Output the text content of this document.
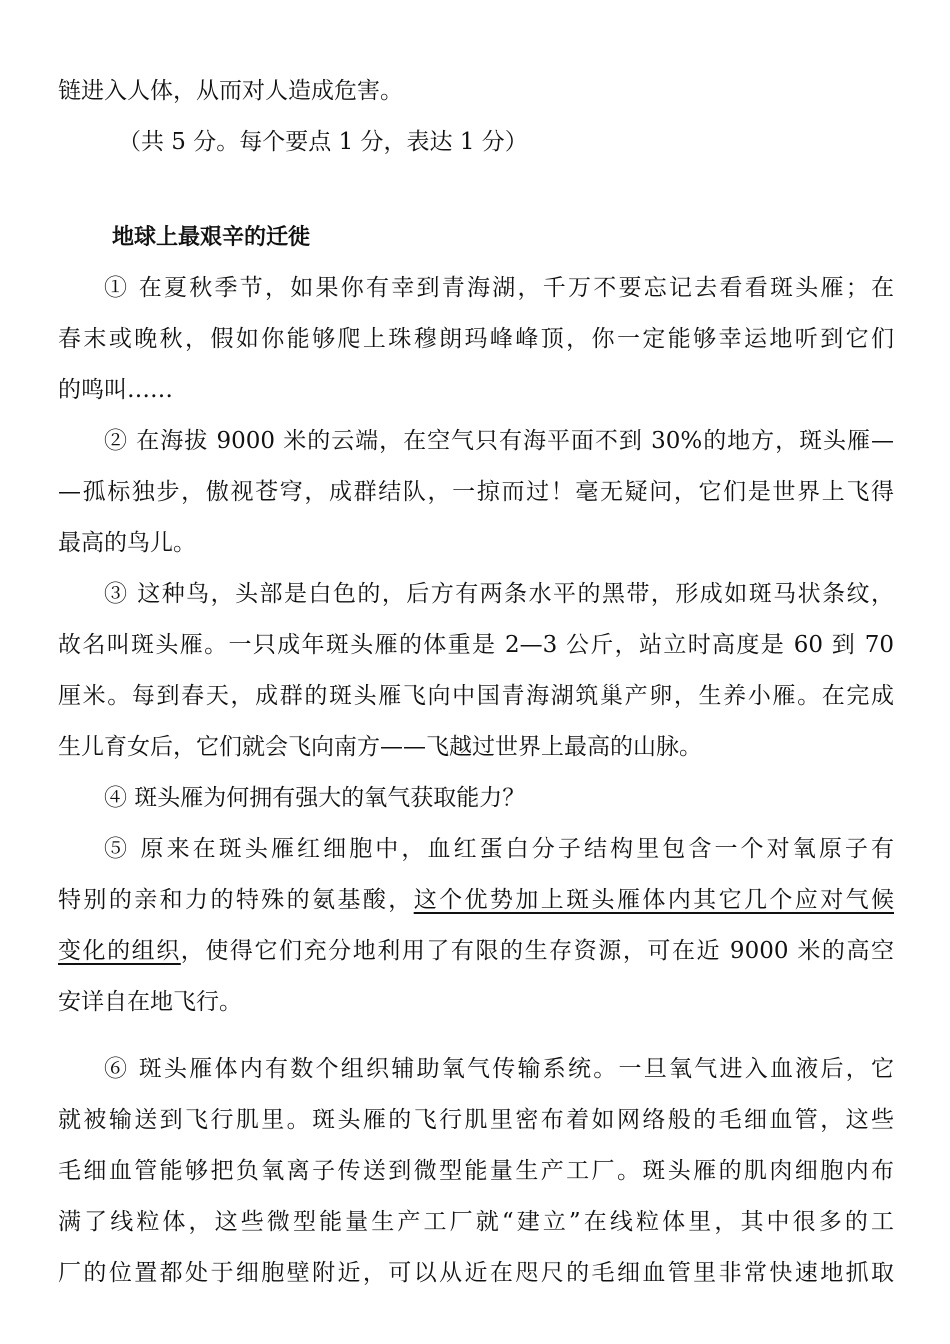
链进入人体，从而对人造成危害。

（共 5 分。每个要点 1 分，表达 1 分）

地球上最艰辛的迁徙

① 在夏秋季节，如果你有幸到青海湖，千万不要忘记去看看斑头雁；在

春末或晚秋，假如你能够爬上珠穆朗玛峰峰顶，你一定能够幸运地听到它们

的鸣叫……

② 在海拔 9000 米的云端，在空气只有海平面不到 30%的地方，斑头雁—

—孤标独步，傲视苍穹，成群结队，一掠而过！毫无疑问，它们是世界上飞得

最高的鸟儿。

③ 这种鸟，头部是白色的，后方有两条水平的黑带，形成如斑马状条纹，

故名叫斑头雁。一只成年斑头雁的体重是 2—3 公斤，站立时高度是 60 到 70

厘米。每到春天，成群的斑头雁飞向中国青海湖筑巢产卵，生养小雁。在完成

生儿育女后，它们就会飞向南方——飞越过世界上最高的山脉。

④ 斑头雁为何拥有强大的氧气获取能力？

⑤ 原来在斑头雁红细胞中，血红蛋白分子结构里包含一个对氧原子有

特别的亲和力的特殊的氨基酸，这个优势加上斑头雁体内其它几个应对气候

变化的组织，使得它们充分地利用了有限的生存资源，可在近 9000 米的高空

安详自在地飞行。

⑥ 斑头雁体内有数个组织辅助氧气传输系统。一旦氧气进入血液后，它

就被输送到飞行肌里。斑头雁的飞行肌里密布着如网络般的毛细血管，这些

毛细血管能够把负氧离子传送到微型能量生产工厂。斑头雁的肌肉细胞内布

满了线粒体，这些微型能量生产工厂就“建立”在线粒体里，其中很多的工

厂的位置都处于细胞壁附近，可以从近在咫尺的毛细血管里非常快速地抓取
